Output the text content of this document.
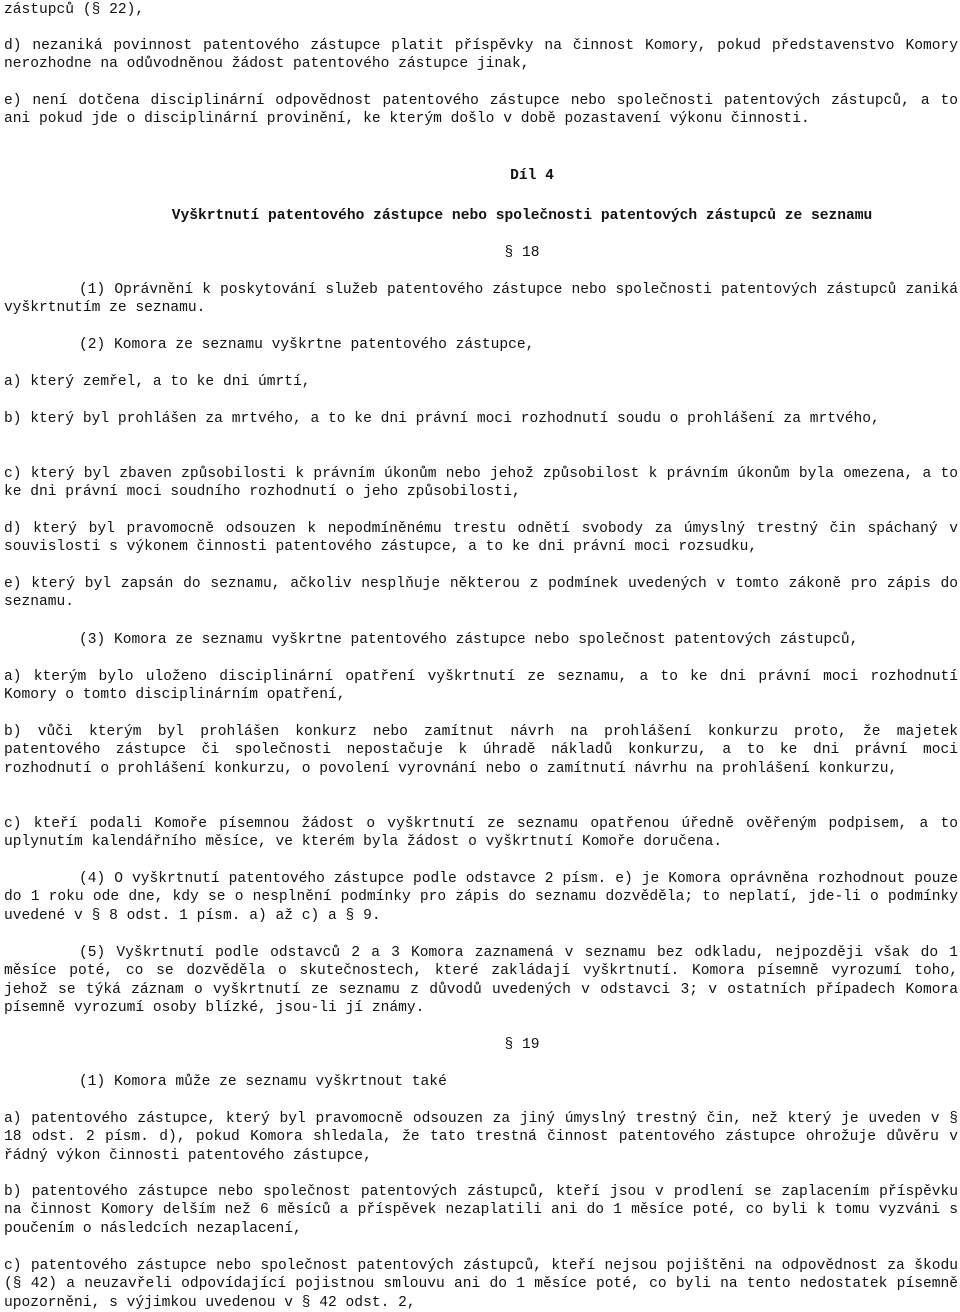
zástupců (§ 22),

d) nezaniká povinnost patentového zástupce platit příspěvky na činnost Komory, pokud představenstvo Komory nerozhodne na odůvodněnou žádost patentového zástupce jinak,

e) není dotčena disciplinární odpovědnost patentového zástupce nebo společnosti patentových zástupců, a to ani pokud jde o disciplinární provinění, ke kterým došlo v době pozastavení výkonu činnosti.

Díl 4

Vyškrtnutí patentového zástupce nebo společnosti patentových zástupců ze seznamu

§ 18

(1) Oprávnění k poskytování služeb patentového zástupce nebo společnosti patentových zástupců zaniká vyškrtnutím ze seznamu.

(2) Komora ze seznamu vyškrtne patentového zástupce,

a) který zemřel, a to ke dni úmrtí,

b) který byl prohlášen za mrtvého, a to ke dni právní moci rozhodnutí soudu o prohlášení za mrtvého,

c) který byl zbaven způsobilosti k právním úkonům nebo jehož způsobilost k právním úkonům byla omezena, a to ke dni právní moci soudního rozhodnutí o jeho způsobilosti,

d) který byl pravomocně odsouzen k nepodmíněnému trestu odnětí svobody za úmyslný trestný čin spáchaný v souvislosti s výkonem činnosti patentového zástupce, a to ke dni právní moci rozsudku,

e) který byl zapsán do seznamu, ačkoliv nesplňuje některou z podmínek uvedených v tomto zákoně pro zápis do seznamu.

(3) Komora ze seznamu vyškrtne patentového zástupce nebo společnost patentových zástupců,

a) kterým bylo uloženo disciplinární opatření vyškrtnutí ze seznamu, a to ke dni právní moci rozhodnutí Komory o tomto disciplinárním opatření,

b) vůči kterým byl prohlášen konkurz nebo zamítnut návrh na prohlášení konkurzu proto, že majetek patentového zástupce či společnosti nepostačuje k úhradě nákladů konkurzu, a to ke dni právní moci rozhodnutí o prohlášení konkurzu, o povolení vyrovnání nebo o zamítnutí návrhu na prohlášení konkurzu,

c) kteří podali Komoře písemnou žádost o vyškrtnutí ze seznamu opatřenou úředně ověřeným podpisem, a to uplynutím kalendářního měsíce, ve kterém byla žádost o vyškrtnutí Komoře doručena.

(4) O vyškrtnutí patentového zástupce podle odstavce 2 písm. e) je Komora oprávněna rozhodnout pouze do 1 roku ode dne, kdy se o nesplnění podmínky pro zápis do seznamu dozvěděla; to neplatí, jde-li o podmínky uvedené v § 8 odst. 1 písm. a) až c) a § 9.

(5) Vyškrtnutí podle odstavců 2 a 3 Komora zaznamená v seznamu bez odkladu, nejpozději však do 1 měsíce poté, co se dozvěděla o skutečnostech, které zakládají vyškrtnutí. Komora písemně vyrozumí toho, jehož se týká záznam o vyškrtnutí ze seznamu z důvodů uvedených v odstavci 3; v ostatních případech Komora písemně vyrozumí osoby blízké, jsou-li jí známy.

§ 19

(1) Komora může ze seznamu vyškrtnout také

a) patentového zástupce, který byl pravomocně odsouzen za jiný úmyslný trestný čin, než který je uveden v § 18 odst. 2 písm. d), pokud Komora shledala, že tato trestná činnost patentového zástupce ohrožuje důvěru v řádný výkon činnosti patentového zástupce,

b) patentového zástupce nebo společnost patentových zástupců, kteří jsou v prodlení se zaplacením příspěvku na činnost Komory delším než 6 měsíců a příspěvek nezaplatili ani do 1 měsíce poté, co byli k tomu vyzváni s poučením o následcích nezaplacení,

c) patentového zástupce nebo společnost patentových zástupců, kteří nejsou pojištěni na odpovědnost za škodu (§ 42) a neuzavřeli odpovídající pojistnou smlouvu ani do 1 měsíce poté, co byli na tento nedostatek písemně upozorněni, s výjimkou uvedenou v § 42 odst. 2,
